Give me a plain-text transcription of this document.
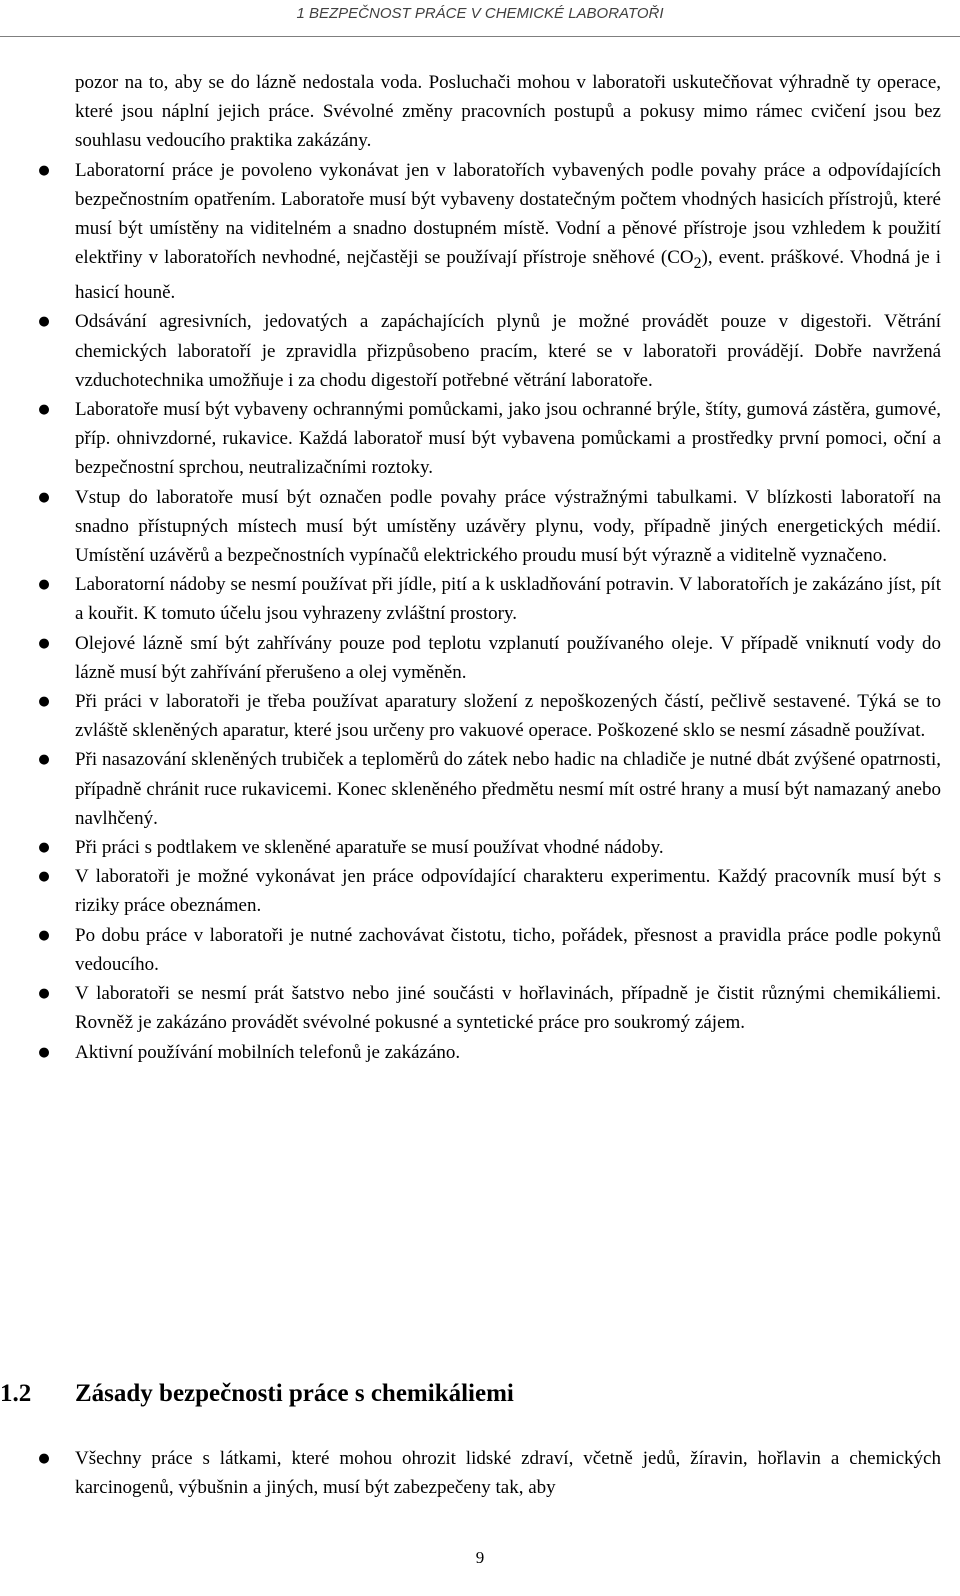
1 BEZPEČNOST PRÁCE V CHEMICKÉ LABORATOŘI

pozor na to, aby se do lázně nedostala voda. Posluchači mohou v laboratoři uskutečňovat výhradně ty operace, které jsou náplní jejich práce. Svévolné změny pracovních postupů a pokusy mimo rámec cvičení jsou bez souhlasu vedoucího praktika zakázány.

● Laboratorní práce je povoleno vykonávat jen v laboratořích vybavených podle povahy práce a odpovídajících bezpečnostním opatřením. Laboratoře musí být vybaveny dostatečným počtem vhodných hasicích přístrojů, které musí být umístěny na viditelném a snadno dostupném místě. Vodní a pěnové přístroje jsou vzhledem k použití elektřiny v laboratořích nevhodné, nejčastěji se používají přístroje sněhové $(CO_2)$, event. práškové. Vhodná je i hasicí houně.
● Odsávání agresivních, jedovatých a zapáchajících plynů je možné provádět pouze v digestoři. Větrání chemických laboratoří je zpravidla přizpůsobeno pracím, které se v laboratoři provádějí. Dobře navržená vzduchotechnika umožňuje i za chodu digestoří potřebné větrání laboratoře.
● Laboratoře musí být vybaveny ochrannými pomůckami, jako jsou ochranné brýle, štíty, gumová zástěra, gumové, příp. ohnivzdorné, rukavice. Každá laboratoř musí být vybavena pomůckami a prostředky první pomoci, oční a bezpečnostní sprchou, neutralizačními roztoky.
● Vstup do laboratoře musí být označen podle povahy práce výstražnými tabulkami. V blízkosti laboratoří na snadno přístupných místech musí být umístěny uzávěry plynu, vody, případně jiných energetických médií. Umístění uzávěrů a bezpečnostních vypínačů elektrického proudu musí být výrazně a viditelně vyznačeno.
● Laboratorní nádoby se nesmí používat při jídle, pití a k uskladňování potravin. V laboratořích je zakázáno jíst, pít a kouřit. K tomuto účelu jsou vyhrazeny zvláštní prostory.
● Olejové lázně smí být zahřívány pouze pod teplotu vzplanutí používaného oleje. V případě vniknutí vody do lázně musí být zahřívání přerušeno a olej vyměněn.
● Při práci v laboratoři je třeba používat aparatury složení z nepoškozených částí, pečlivě sestavené. Týká se to zvláště skleněných aparatur, které jsou určeny pro vakuové operace. Poškozené sklo se nesmí zásadně používat.
● Při nasazování skleněných trubiček a teploměrů do zátek nebo hadic na chladiče je nutné dbát zvýšené opatrnosti, případně chránit ruce rukavicemi. Konec skleněného předmětu nesmí mít ostré hrany a musí být namazaný anebo navlhčený.
● Při práci s podtlakem ve skleněné aparatuře se musí používat vhodné nádoby.
● V laboratoři je možné vykonávat jen práce odpovídající charakteru experimentu. Každý pracovník musí být s riziky práce obeznámen.
● Po dobu práce v laboratoři je nutné zachovávat čistotu, ticho, pořádek, přesnost a pravidla práce podle pokynů vedoucího.
● V laboratoři se nesmí prát šatstvo nebo jiné součásti v hořlavinách, případně je čistit různými chemikáliemi. Rovněž je zakázáno provádět svévolné pokusné a syntetické práce pro soukromý zájem.
● Aktivní používání mobilních telefonů je zakázáno.
1.2 Zásady bezpečnosti práce s chemikáliemi
● Všechny práce s látkami, které mohou ohrozit lidské zdraví, včetně jedů, žíravin, hořlavin a chemických karcinogenů, výbušnin a jiných, musí být zabezpečeny tak, aby
9
